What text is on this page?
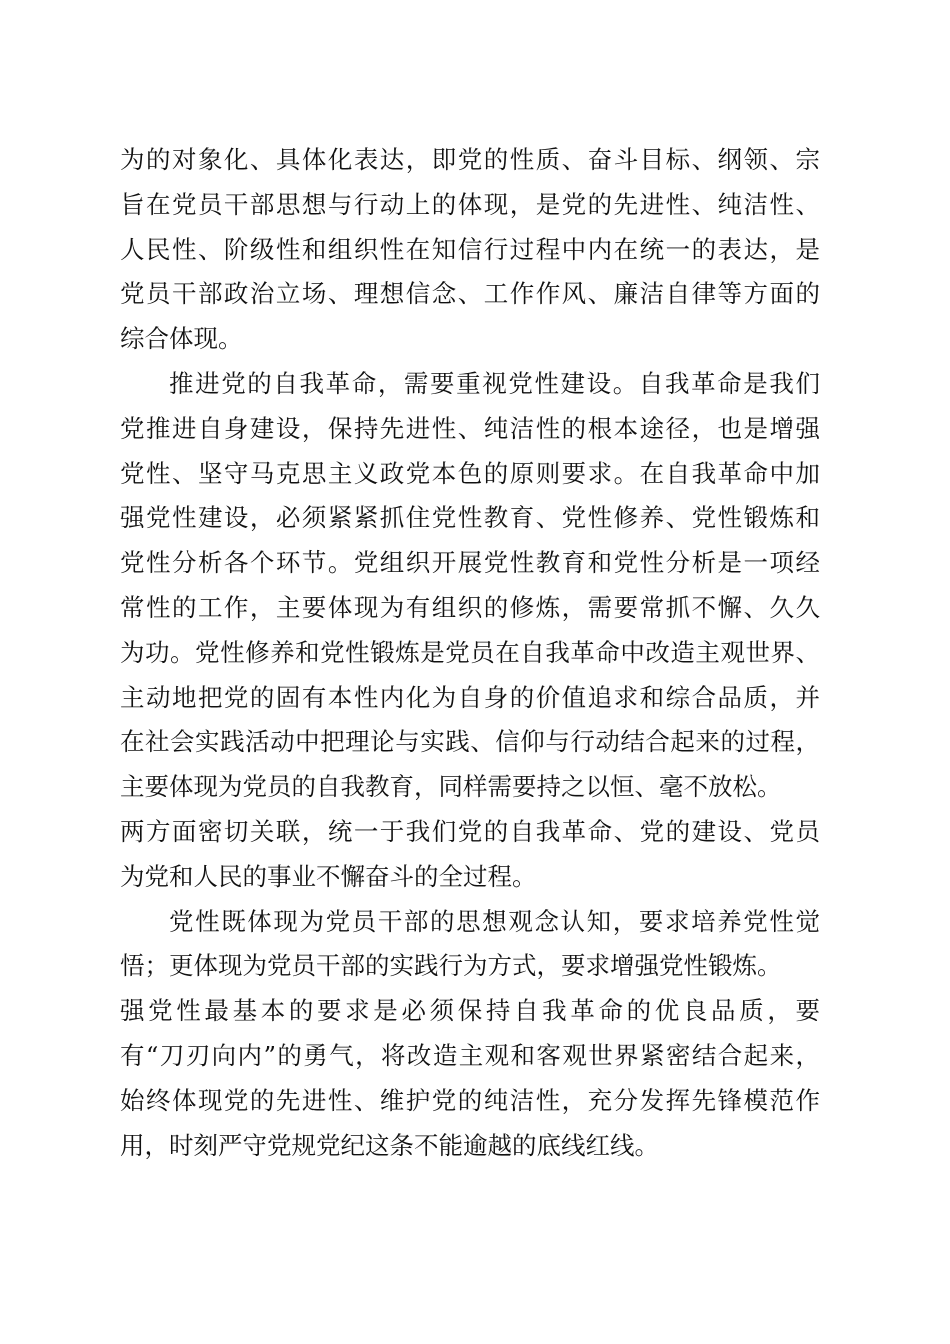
为的对象化、具体化表达，即党的性质、奋斗目标、纲领、宗
旨在党员干部思想与行动上的体现，是党的先进性、纯洁性、
人民性、阶级性和组织性在知信行过程中内在统一的表达，是
党员干部政治立场、理想信念、工作作风、廉洁自律等方面的
综合体现。
推进党的自我革命，需要重视党性建设。自我革命是我们
党推进自身建设，保持先进性、纯洁性的根本途径，也是增强
党性、坚守马克思主义政党本色的原则要求。在自我革命中加
强党性建设，必须紧紧抓住党性教育、党性修养、党性锻炼和
党性分析各个环节。党组织开展党性教育和党性分析是一项经
常性的工作，主要体现为有组织的修炼，需要常抓不懈、久久
为功。党性修养和党性锻炼是党员在自我革命中改造主观世界、
主动地把党的固有本性内化为自身的价值追求和综合品质，并
在社会实践活动中把理论与实践、信仰与行动结合起来的过程，
主要体现为党员的自我教育，同样需要持之以恒、毫不放松。
两方面密切关联，统一于我们党的自我革命、党的建设、党员
为党和人民的事业不懈奋斗的全过程。
党性既体现为党员干部的思想观念认知，要求培养党性觉
悟；更体现为党员干部的实践行为方式，要求增强党性锻炼。
强党性最基本的要求是必须保持自我革命的优良品质，要
有“刀刃向内”的勇气，将改造主观和客观世界紧密结合起来，
始终体现党的先进性、维护党的纯洁性，充分发挥先锋模范作
用，时刻严守党规党纪这条不能逾越的底线红线。
